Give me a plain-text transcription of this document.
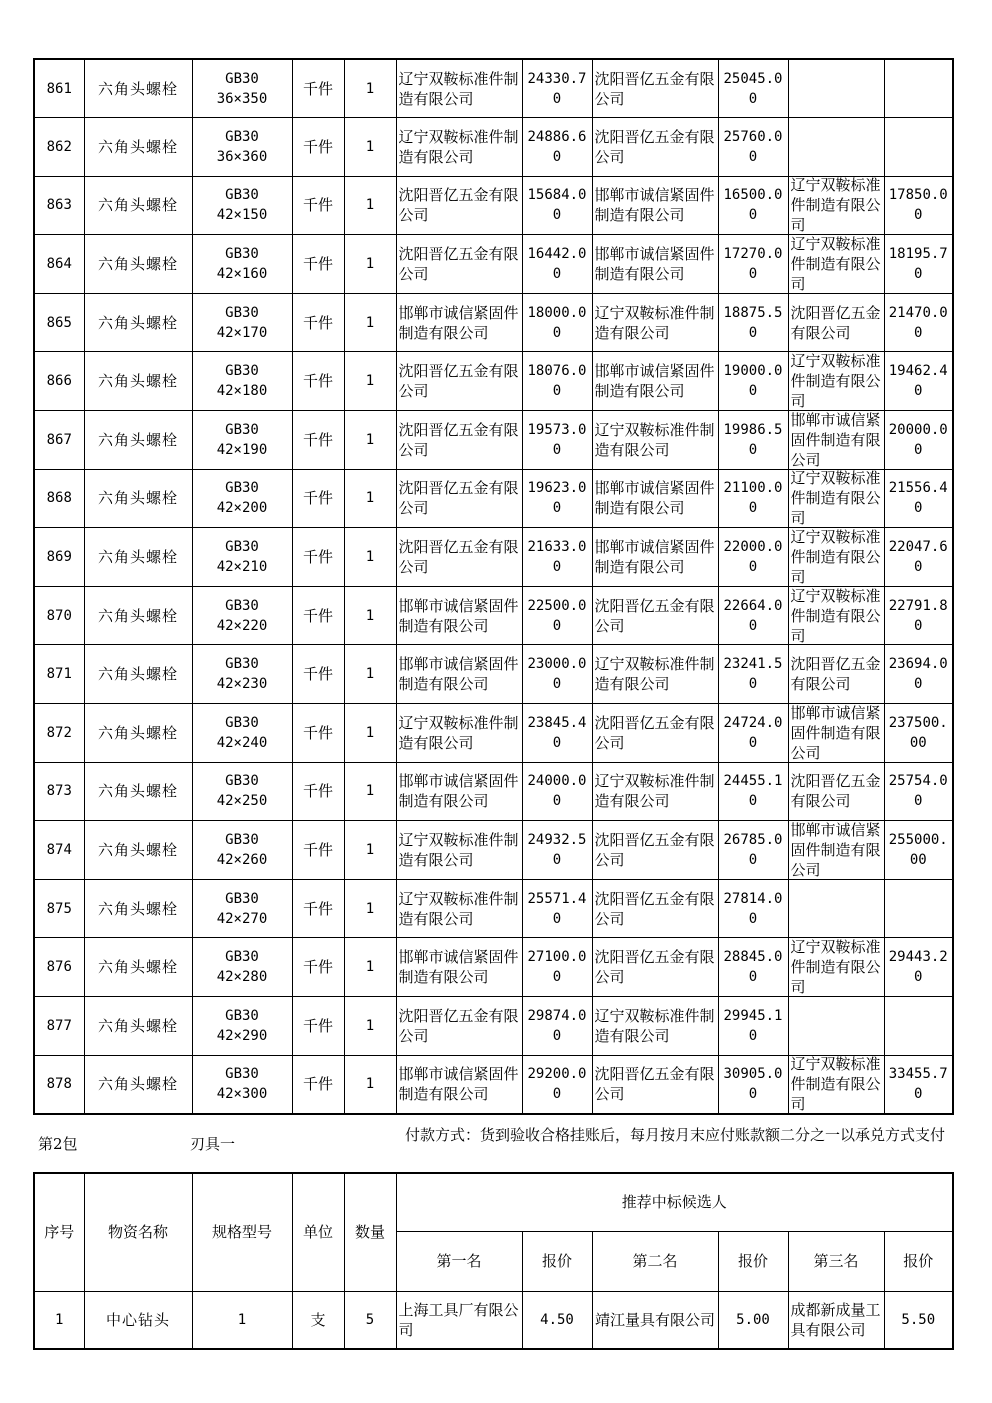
861	六角头螺栓	GB30
36×350	千件	1	辽宁双鞍标准件制造有限公司	24330.70	沈阳晋亿五金有限公司	25045.00		

862	六角头螺栓	GB30
36×360	千件	1	辽宁双鞍标准件制造有限公司	24886.60	沈阳晋亿五金有限公司	25760.00		

863	六角头螺栓	GB30
42×150	千件	1	沈阳晋亿五金有限公司	15684.00	邯郸市诚信紧固件制造有限公司	16500.00	辽宁双鞍标准件制造有限公司	17850.00

864	六角头螺栓	GB30
42×160	千件	1	沈阳晋亿五金有限公司	16442.00	邯郸市诚信紧固件制造有限公司	17270.00	辽宁双鞍标准件制造有限公司	18195.70

865	六角头螺栓	GB30
42×170	千件	1	邯郸市诚信紧固件制造有限公司	18000.00	辽宁双鞍标准件制造有限公司	18875.50	沈阳晋亿五金有限公司	21470.00

866	六角头螺栓	GB30
42×180	千件	1	沈阳晋亿五金有限公司	18076.00	邯郸市诚信紧固件制造有限公司	19000.00	辽宁双鞍标准件制造有限公司	19462.40

867	六角头螺栓	GB30
42×190	千件	1	沈阳晋亿五金有限公司	19573.00	辽宁双鞍标准件制造有限公司	19986.50	邯郸市诚信紧固件制造有限公司	20000.00

868	六角头螺栓	GB30
42×200	千件	1	沈阳晋亿五金有限公司	19623.00	邯郸市诚信紧固件制造有限公司	21100.00	辽宁双鞍标准件制造有限公司	21556.40

869	六角头螺栓	GB30
42×210	千件	1	沈阳晋亿五金有限公司	21633.00	邯郸市诚信紧固件制造有限公司	22000.00	辽宁双鞍标准件制造有限公司	22047.60

870	六角头螺栓	GB30
42×220	千件	1	邯郸市诚信紧固件制造有限公司	22500.00	沈阳晋亿五金有限公司	22664.00	辽宁双鞍标准件制造有限公司	22791.80

871	六角头螺栓	GB30
42×230	千件	1	邯郸市诚信紧固件制造有限公司	23000.00	辽宁双鞍标准件制造有限公司	23241.50	沈阳晋亿五金有限公司	23694.00

872	六角头螺栓	GB30
42×240	千件	1	辽宁双鞍标准件制造有限公司	23845.40	沈阳晋亿五金有限公司	24724.00	邯郸市诚信紧固件制造有限公司	237500.00

873	六角头螺栓	GB30
42×250	千件	1	邯郸市诚信紧固件制造有限公司	24000.00	辽宁双鞍标准件制造有限公司	24455.10	沈阳晋亿五金有限公司	25754.00

874	六角头螺栓	GB30
42×260	千件	1	辽宁双鞍标准件制造有限公司	24932.50	沈阳晋亿五金有限公司	26785.00	邯郸市诚信紧固件制造有限公司	255000.00

875	六角头螺栓	GB30
42×270	千件	1	辽宁双鞍标准件制造有限公司	25571.40	沈阳晋亿五金有限公司	27814.00		

876	六角头螺栓	GB30
42×280	千件	1	邯郸市诚信紧固件制造有限公司	27100.00	沈阳晋亿五金有限公司	28845.00	辽宁双鞍标准件制造有限公司	29443.20

877	六角头螺栓	GB30
42×290	千件	1	沈阳晋亿五金有限公司	29874.00	辽宁双鞍标准件制造有限公司	29945.10		

878	六角头螺栓	GB30
42×300	千件	1	邯郸市诚信紧固件制造有限公司	29200.00	沈阳晋亿五金有限公司	30905.00	辽宁双鞍标准件制造有限公司	33455.70
第2包	刃具一	付款方式：货到验收合格挂账后，每月按月末应付账款额二分之一以承兑方式支付
序号	物资名称	规格型号	单位	数量	推荐中标候选人					
					第一名	报价	第二名	报价	第三名	报价

1	中心钻头	1	支	5	上海工具厂有限公司	4.50	靖江量具有限公司	5.00	成都新成量工具有限公司	5.50
